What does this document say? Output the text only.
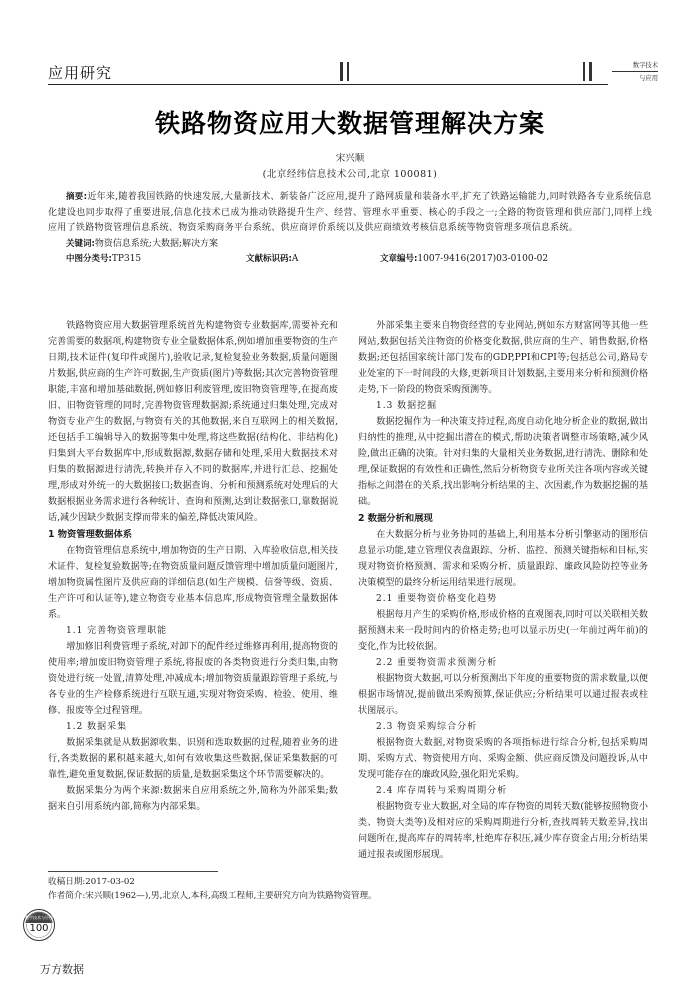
应用研究	数字技术
与应用
铁路物资应用大数据管理解决方案
宋兴顺
(北京经纬信息技术公司,北京 100081)
摘要:近年来,随着我国铁路的快速发展,大量新技术、新装备广泛应用,提升了路网质量和装备水平,扩充了铁路运输能力,同时铁路各专业系统信息化建设也同步取得了重要进展,信息化技术已成为推动铁路提升生产、经营、管理水平重要、核心的手段之一;全路的物资管理和供应部门,同样上线应用了铁路物资管理信息系统、物资采购商务平台系统、供应商评价系统以及供应商绩效考核信息系统等物资管理多项信息系统。
关键词:物资信息系统;大数据;解决方案
中图分类号:TP315	文献标识码:A	文章编号:1007-9416(2017)03-0100-02

铁路物资应用大数据管理系统首先构建物资专业数据库,需要补充和完善需要的数据项,构建物资专业全量数据体系,例如增加重要物资的生产日期,技术证件(复印件或图片),验收记录,复检复验业务数据,质量问题图片数据,供应商的生产许可数据,生产资质(图片)等数据;其次完善物资管理职能,丰富和增加基础数据,例如修旧利废管理,废旧物资管理等,在提高废旧、旧物资管理的同时,完善物资管理数据源;系统通过归集处理,完成对物资专业产生的数据,与物资有关的其他数据,来自互联网上的相关数据,还包括手工编辑导入的数据等集中处理,将这些数据(结构化、非结构化)归集到大平台数据库中,形成数据源,数据存储和处理,采用大数据技术对归集的数据源进行清洗,转换并存入不同的数据库,并进行汇总、挖掘处理,形成对外统一的大数据接口;数据查询、分析和预测系统对处理后的大数据根据业务需求进行各种统计、查询和预测,达到让数据张口,靠数据说话,减少因缺少数据支撑而带来的偏差,降低决策风险。

1 物资管理数据体系

在物资管理信息系统中,增加物资的生产日期、入库验收信息,相关技术证件、复检复验数据等;在物资质量问题反馈管理中增加质量问题图片,增加物资属性图片及供应商的详细信息(如生产规模、信誉等级、资质、生产许可和认证等),建立物资专业基本信息库,形成物资管理全量数据体系。

1.1 完善物资管理职能

增加修旧利费管理子系统,对卸下的配件经过维修再利用,提高物资的使用率;增加废旧物资管理子系统,将报废的各类物资进行分类归集,由物资处进行统一处置,清算处理,冲减成本;增加物资质量跟踪管理子系统,与各专业的生产检修系统进行互联互通,实现对物资采购、检验、使用、维修、报废等全过程管理。

1.2 数据采集

数据采集就是从数据源收集、识别和选取数据的过程,随着业务的进行,各类数据的累积越来越大,如何有效收集这些数据,保证采集数据的可靠性,避免重复数据,保证数据的质量,是数据采集这个环节需要解决的。

数据采集分为两个来源:数据来自应用系统之外,简称为外部采集;数据来自引用系统内部,简称为内部采集。

外部采集主要来自物资经营的专业网站,例如东方财富网等其他一些网站,数据包括关注物资的价格变化数据,供应商的生产、销售数据,价格数据;还包括国家统计部门发布的GDP,PPI和CPI等;包括总公司,路局专业处室的下一时间段的大修,更新项目计划数据,主要用来分析和预测价格走势,下一阶段的物资采购预测等。

1.3 数据挖掘

数据挖掘作为一种决策支持过程,高度自动化地分析企业的数据,做出归纳性的推理,从中挖掘出潜在的模式,帮助决策者调整市场策略,减少风险,做出正确的决策。针对归集的大量相关业务数据,进行清洗、删除和处理,保证数据的有效性和正确性,然后分析物资专业所关注各项内容或关键指标之间潜在的关系,找出影响分析结果的主、次因素,作为数据挖掘的基础。

2 数据分析和展现

在大数据分析与业务协同的基础上,利用基本分析引擎驱动的图形信息显示功能,建立管理仪表盘跟踪、分析、监控、预测关键指标和目标,实现对物资价格预测、需求和采购分析、质量跟踪、廉政风险防控等业务决策模型的最终分析运用结果进行展现。

2.1 重要物资价格变化趋势

根据每月产生的采购价格,形成价格的直观图表,同时可以关联相关数据预测未来一段时间内的价格走势;也可以显示历史(一年前过两年前)的变化,作为比较依据。

2.2 重要物资需求预测分析

根据物资大数据,可以分析预测出下年度的重要物资的需求数量,以便根据市场情况,提前做出采购预算,保证供应;分析结果可以通过报表或柱状图展示。

2.3 物资采购综合分析

根据物资大数据,对物资采购的各项指标进行综合分析,包括采购周期、采购方式、物资使用方向、采购金额、供应商反馈及问题投诉,从中发现可能存在的廉政风险,强化阳光采购。

2.4 库存周转与采购周期分析

根据物资专业大数据,对全局的库存物资的周转天数(能够按照物资小类、物资大类等)及相对应的采购周期进行分析,查找周转天数差异,找出问题所在,提高库存的周转率,杜绝库存积压,减少库存资金占用;分析结果通过报表或图形展现。

收稿日期:2017-03-02
作者简介:宋兴顺(1962—),男,北京人,本科,高级工程师,主要研究方向为铁路物资管理。
数字技术与应用
100
万方数据
